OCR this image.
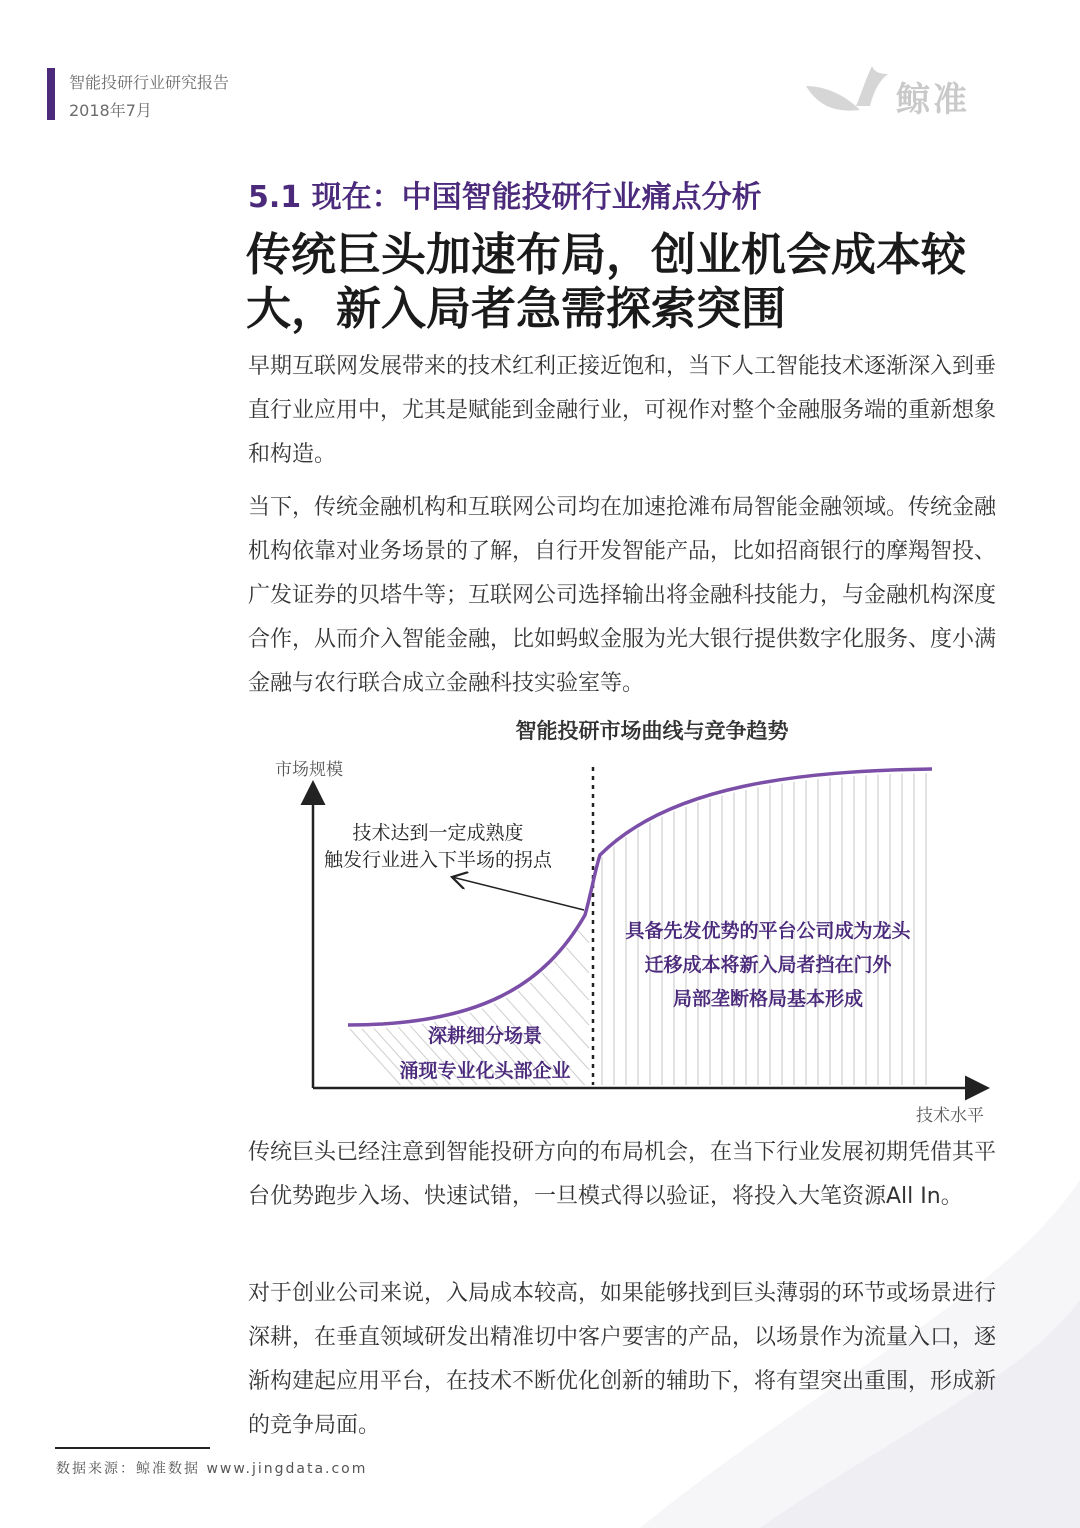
智能投研行业研究报告
2018年7月	鲸准
5.1 现在：中国智能投研行业痛点分析
传统巨头加速布局，创业机会成本较大，新入局者急需探索突围

早期互联网发展带来的技术红利正接近饱和，当下人工智能技术逐渐深入到垂直行业应用中，尤其是赋能到金融行业，可视作对整个金融服务端的重新想象和构造。

当下，传统金融机构和互联网公司均在加速抢滩布局智能金融领域。传统金融机构依靠对业务场景的了解，自行开发智能产品，比如招商银行的摩羯智投、广发证券的贝塔牛等；互联网公司选择输出将金融科技能力，与金融机构深度合作，从而介入智能金融，比如蚂蚁金服为光大银行提供数字化服务、度小满金融与农行联合成立金融科技实验室等。

智能投研市场曲线与竞争趋势
市场规模
技术水平
技术达到一定成熟度
触发行业进入下半场的拐点
深耕细分场景
涌现专业化头部企业
具备先发优势的平台公司成为龙头
迁移成本将新入局者挡在门外
局部垄断格局基本形成

传统巨头已经注意到智能投研方向的布局机会，在当下行业发展初期凭借其平台优势跑步入场、快速试错，一旦模式得以验证，将投入大笔资源All In。

对于创业公司来说，入局成本较高，如果能够找到巨头薄弱的环节或场景进行深耕，在垂直领域研发出精准切中客户要害的产品，以场景作为流量入口，逐渐构建起应用平台，在技术不断优化创新的辅助下，将有望突出重围，形成新的竞争局面。

数据来源：鲸准数据 www.jingdata.com
